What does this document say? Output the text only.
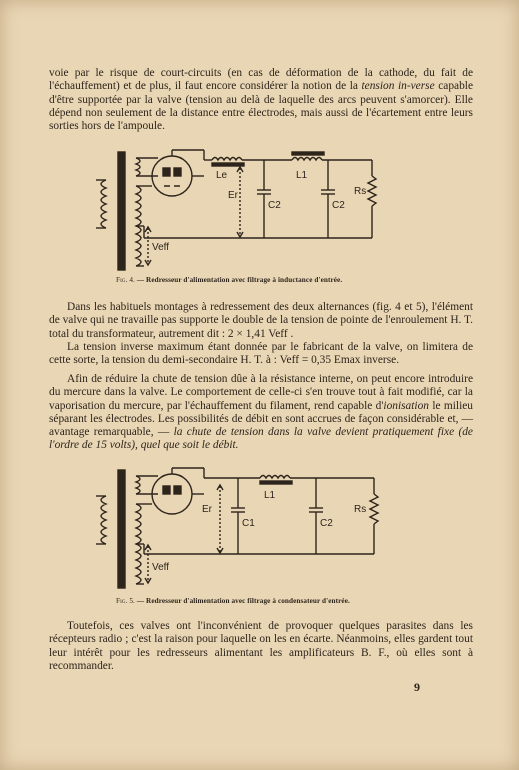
voie par le risque de court-circuits (en cas de déformation de la cathode, du fait de l'échauffement) et de plus, il faut encore considérer la notion de la tension in-verse capable d'être supportée par la valve (tension au delà de laquelle des arcs peuvent s'amorcer). Elle dépend non seulement de la distance entre électrodes, mais aussi de l'écartement entre leurs sorties hors de l'ampoule.

Le	L1
Er
C2	C2
Rs
Veff
Fig. 4. — Redresseur d'alimentation avec filtrage à inductance d'entrée.

Dans les habituels montages à redressement des deux alternances (fig. 4 et 5), l'élément de valve qui ne travaille pas supporte le double de la tension de pointe de l'enroulement H. T. total du transformateur, autrement dit : 2 × 1,41 Veff .

La tension inverse maximum étant donnée par le fabricant de la valve, on limitera de cette sorte, la tension du demi-secondaire H. T. à : Veff = 0,35 Emax inverse.

Afin de réduire la chute de tension dûe à la résistance interne, on peut encore introduire du mercure dans la valve. Le comportement de celle-ci s'en trouve tout à fait modifié, car la vaporisation du mercure, par l'échauffement du filament, rend capable d'ionisation le milieu séparant les électrodes. Les possibilités de débit en sont accrues de façon considérable et, — avantage remarquable, — la chute de tension dans la valve devient pratiquement fixe (de l'ordre de 15 volts), quel que soit le débit.

L1
Er
C1	C2
Rs
Veff
Fig. 5. — Redresseur d'alimentation avec filtrage à condensateur d'entrée.

Toutefois, ces valves ont l'inconvénient de provoquer quelques parasites dans les récepteurs radio ; c'est la raison pour laquelle on les en écarte. Néanmoins, elles gardent tout leur intérêt pour les redresseurs alimentant les amplificateurs B. F., où elles sont à recommander.

9
